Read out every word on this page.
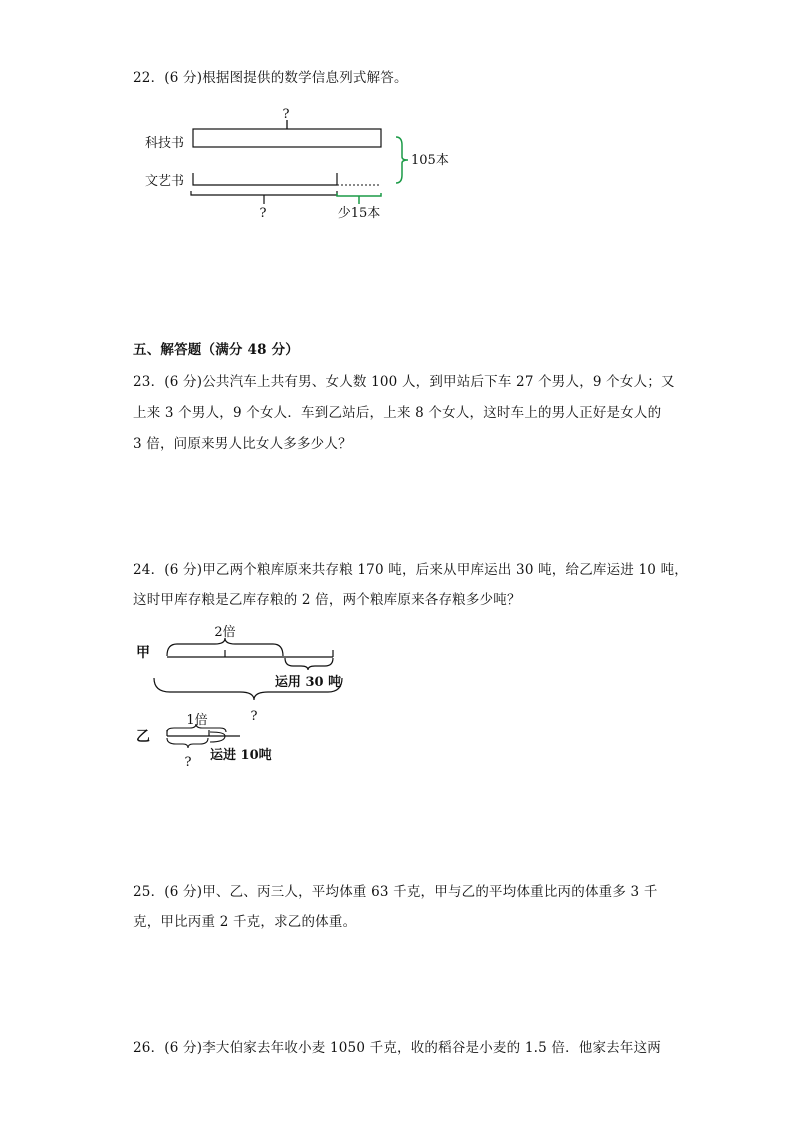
22．(6 分)根据图提供的数学信息列式解答。
?
科技书
文艺书
105本
?	少15本
五、解答题（满分 48 分）
23．(6 分)公共汽车上共有男、女人数 100 人，到甲站后下车 27 个男人，9 个女人；又
上来 3 个男人，9 个女人．车到乙站后，上来 8 个女人，这时车上的男人正好是女人的
3 倍，问原来男人比女人多多少人？
24．(6 分)甲乙两个粮库原来共存粮 170 吨，后来从甲库运出 30 吨，给乙库运进 10 吨，
这时甲库存粮是乙库存粮的 2 倍，两个粮库原来各存粮多少吨？
2倍
甲
运用 30 吨
?
1倍
乙
? 运进 10吨
25．(6 分)甲、乙、丙三人，平均体重 63 千克，甲与乙的平均体重比丙的体重多 3 千
克，甲比丙重 2 千克，求乙的体重。
26．(6 分)李大伯家去年收小麦 1050 千克，收的稻谷是小麦的 1.5 倍．他家去年这两
